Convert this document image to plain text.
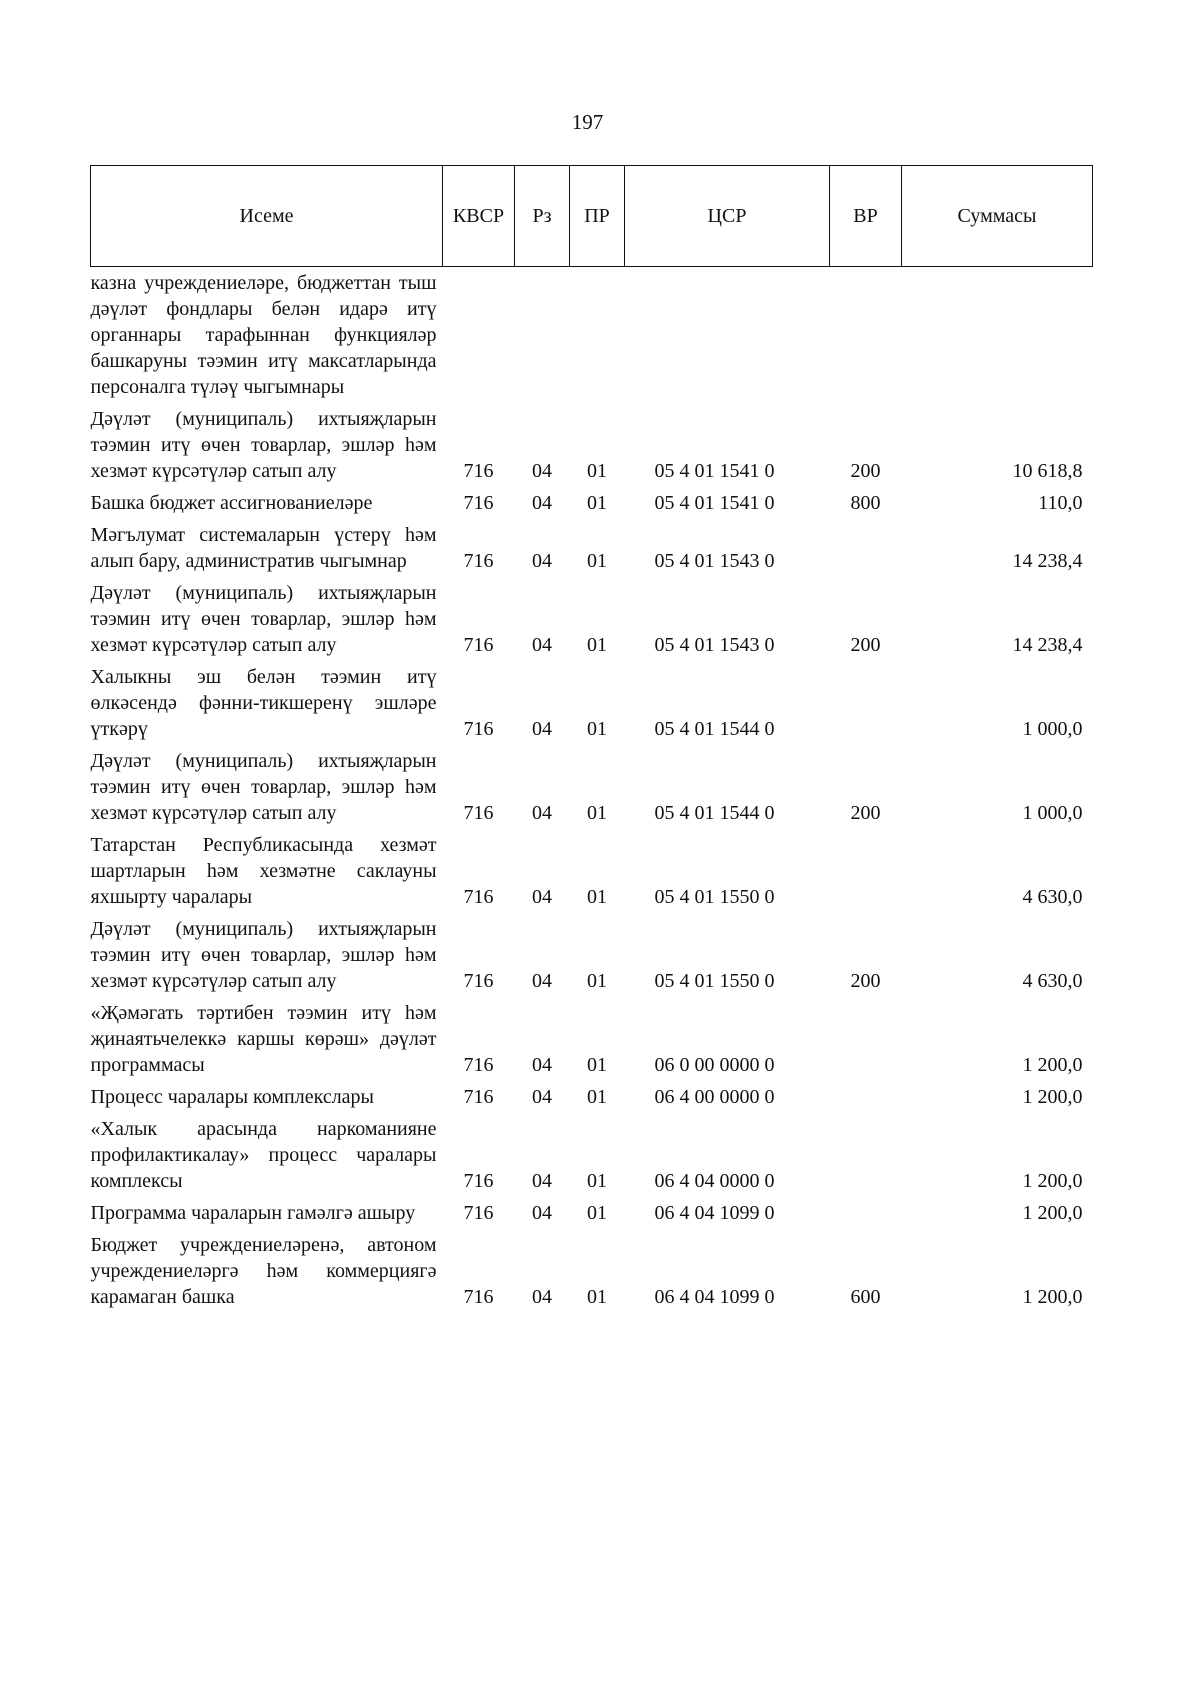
197
Исеме	КВСР	Рз	ПР	ЦСР	ВР	Суммасы
казна учреждениеләре, бюджеттан тыш дәүләт фондлары белән идарә итү органнары тарафыннан функцияләр башкаруны тәэмин итү максатларында персоналга түләү чыгымнары						
Дәүләт (муниципаль) ихтыяҗларын тәэмин итү өчен товарлар, эшләр һәм хезмәт күрсәтүләр сатып алу	716	04	01	05 4 01 1541 0	200	10 618,8
Башка бюджет ассигнованиеләре	716	04	01	05 4 01 1541 0	800	110,0
Мәгълумат системаларын үстерү һәм алып бару, административ чыгымнар	716	04	01	05 4 01 1543 0		14 238,4
Дәүләт (муниципаль) ихтыяҗларын тәэмин итү өчен товарлар, эшләр һәм хезмәт күрсәтүләр сатып алу	716	04	01	05 4 01 1543 0	200	14 238,4
Халыкны эш белән тәэмин итү өлкәсендә фәнни-тикшеренү эшләре үткәрү	716	04	01	05 4 01 1544 0		1 000,0
Дәүләт (муниципаль) ихтыяҗларын тәэмин итү өчен товарлар, эшләр һәм хезмәт күрсәтүләр сатып алу	716	04	01	05 4 01 1544 0	200	1 000,0
Татарстан Республикасында хезмәт шартларын һәм хезмәтне саклауны яхшырту чаралары	716	04	01	05 4 01 1550 0		4 630,0
Дәүләт (муниципаль) ихтыяҗларын тәэмин итү өчен товарлар, эшләр һәм хезмәт күрсәтүләр сатып алу	716	04	01	05 4 01 1550 0	200	4 630,0
«Җәмәгать тәртибен тәэмин итү һәм җинаятьчелеккә каршы көрәш» дәүләт программасы	716	04	01	06 0 00 0000 0		1 200,0
Процесс чаралары комплекслары	716	04	01	06 4 00 0000 0		1 200,0
«Халык арасында наркоманияне профилактикалау» процесс чаралары комплексы	716	04	01	06 4 04 0000 0		1 200,0
Программа чараларын гамәлгә ашыру	716	04	01	06 4 04 1099 0		1 200,0
Бюджет учреждениеләренә, автоном учреждениеләргә һәм коммерциягә карамаган башка	716	04	01	06 4 04 1099 0	600	1 200,0
